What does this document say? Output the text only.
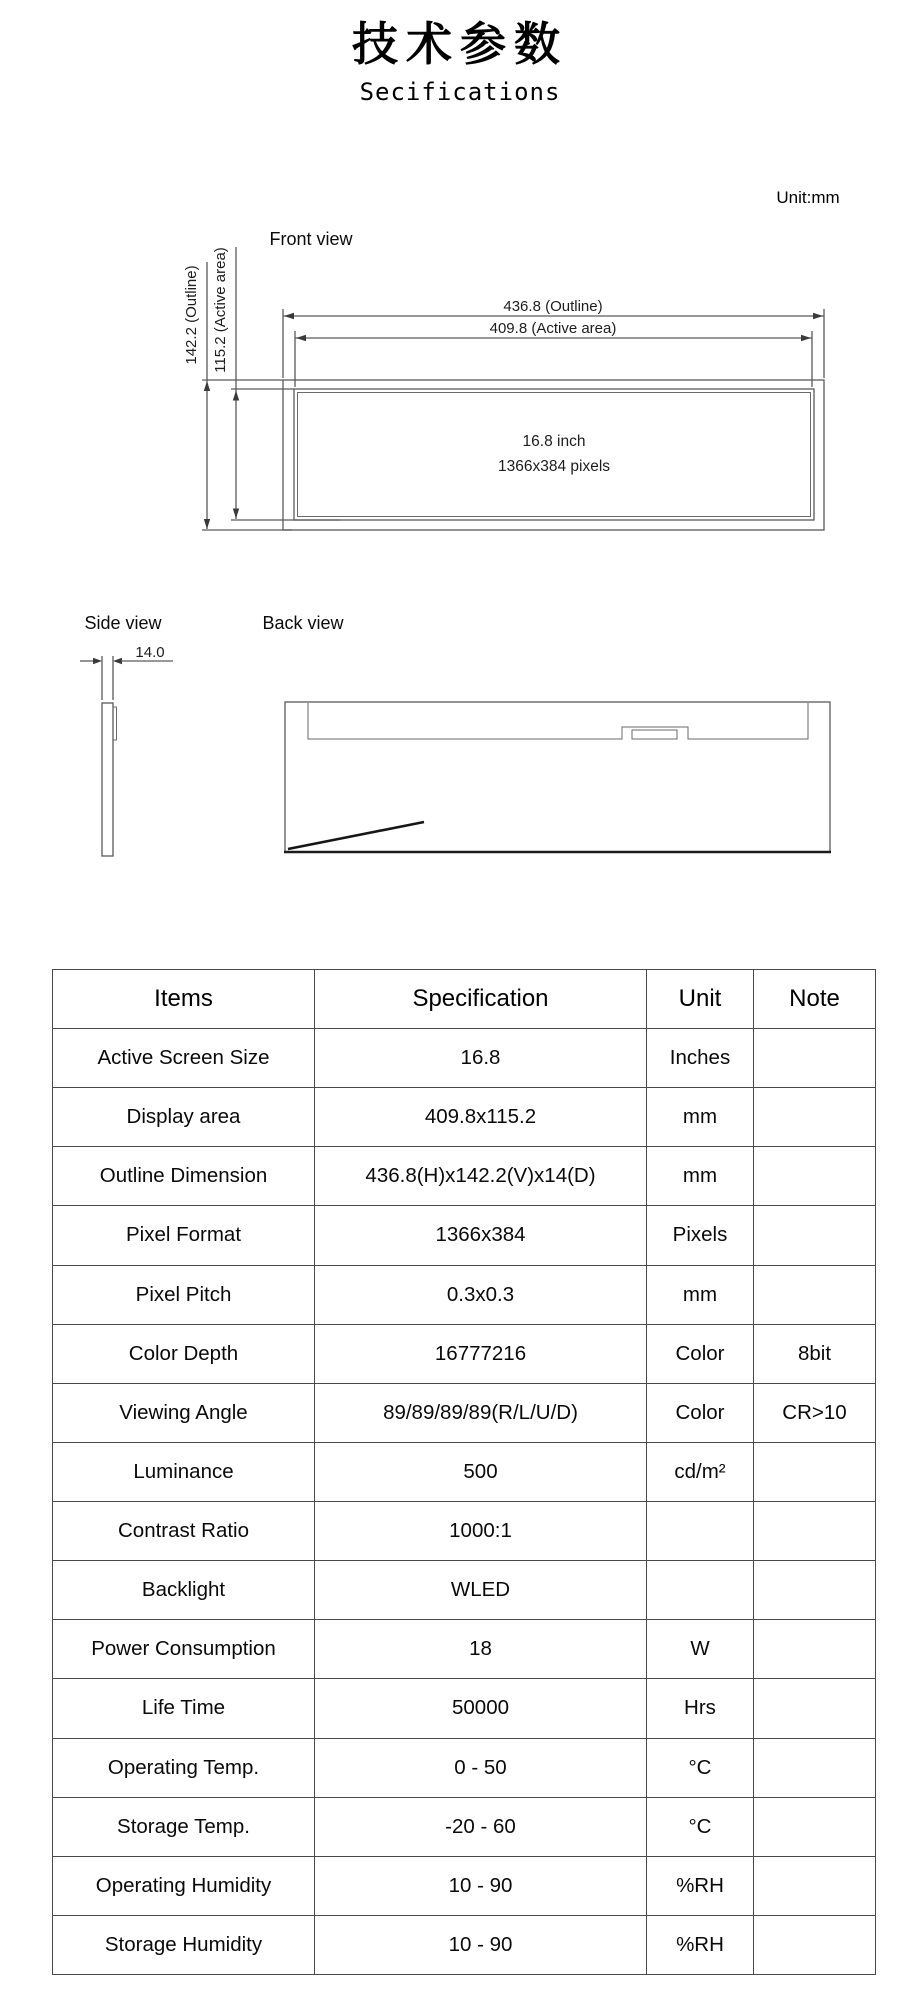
技术参数
Secifications
Unit:mm
Front view
16.8 inch
1366x384 pixels
436.8 (Outline)
409.8 (Active area)
142.2 (Outline) 115.2 (Active area)
Side view
14.0
Back view
Items	Specification	Unit	Note
Active Screen Size	16.8	Inches	
Display area	409.8x115.2	mm	
Outline Dimension	436.8(H)x142.2(V)x14(D)	mm	
Pixel Format	1366x384	Pixels	
Pixel Pitch	0.3x0.3	mm	
Color Depth	16777216	Color	8bit
Viewing Angle	89/89/89/89(R/L/U/D)	Color	CR>10
Luminance	500	cd/m²	
Contrast Ratio	1000:1		
Backlight	WLED		
Power Consumption	18	W	
Life Time	50000	Hrs	
Operating Temp.	0 - 50	°C	
Storage Temp.	-20 - 60	°C	
Operating Humidity	10 - 90	%RH	
Storage Humidity	10 - 90	%RH	
